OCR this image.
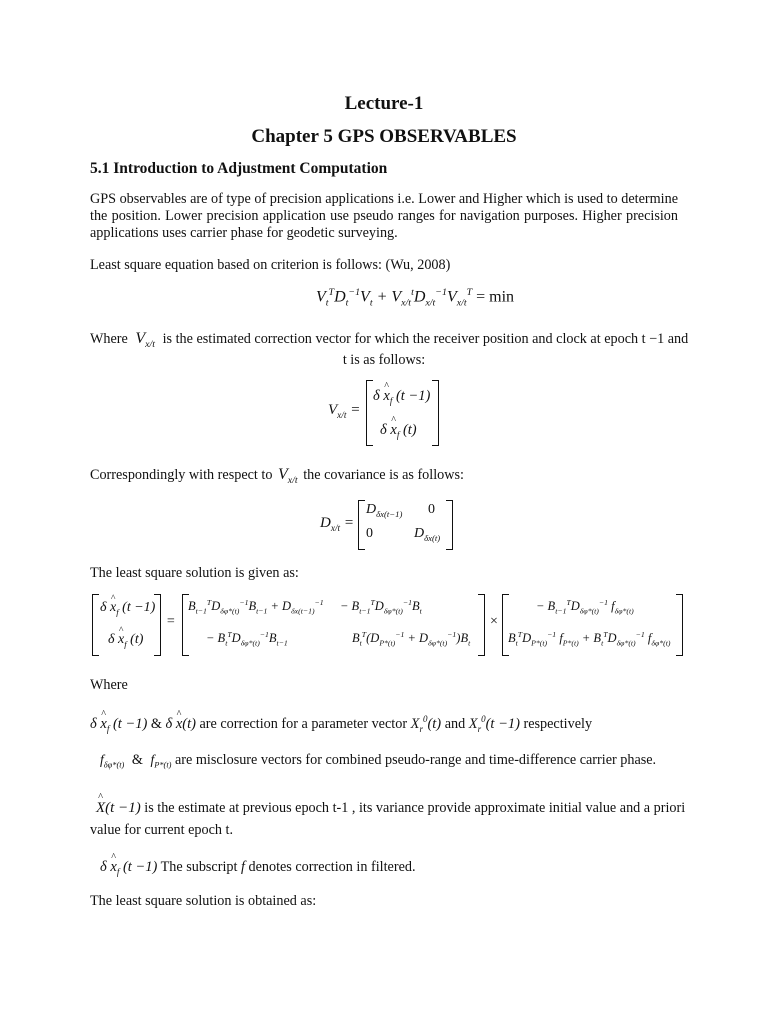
Lecture-1
Chapter 5 GPS OBSERVABLES
5.1 Introduction to Adjustment Computation
GPS observables are of type of precision applications i.e. Lower and Higher which is used to determine the position. Lower precision application use pseudo ranges for navigation purposes. Higher precision applications uses carrier phase for geodetic surveying.
Least square equation based on criterion is follows: (Wu, 2008)
$V_t^TD_t^{-1}V_t + V_{x/t}^tD_{x/t}^{-1}V_{x/t}^T = \min$
Where $V_{x/t}$ is the estimated correction vector for which the receiver position and clock at epoch t −1 and
t is as follows:
$V_{x/t}$ =
δ ^ $x_f$ (t −1)
δ ^ $x_f$ (t)
Correspondingly with respect to $V_{x/t}$ the covariance is as follows:
$D_{x/t}$ =
$D_{\delta x(t-1)}$ 0
0	$D_{\delta x(t)}$
The least square solution is given as:
δ ^ $x_f$ (t −1)
δ ^ $x_f$ (t)
=
$B_{t-1}^TD_{\delta\varphi*(t)}^{-1}B_{t-1} + D_{\delta x(t-1)}^{-1} - B_{t-1}^TD_{\delta\varphi*(t)}^{-1}B_t$
− $B_t^TD_{\delta\varphi*(t)}^{-1}B_{t-1}$	$B_t^T(D_{P*(t)}^{-1} + D_{\delta\varphi*(t)}^{-1})B_t$
×
− $B_{t-1}^TD_{\delta\varphi*(t)}^{-1}$ $f_{\delta\varphi*(t)}$
$B_t^TD_{P*(t)}^{-1}$ $f_{P*(t)} + B_t^TD_{\delta\varphi*(t)}^{-1}$ $f_{\delta\varphi*(t)}$
Where
δ ^ $x_f$ (t −1) & δ ^ x(t) are correction for a parameter vector $X_r^0(t)$ and $X_r^0(t -1)$ respectively
$f_{\delta\varphi*(t)}$ & $f_{P*(t)}$ are misclosure vectors for combined pseudo-range and time-difference carrier phase.
^ X(t −1) is the estimate at previous epoch t-1 , its variance provide approximate initial value and a priori
value for current epoch t.
δ ^ $x_f$ (t −1) The subscript f denotes correction in filtered.
The least square solution is obtained as:
